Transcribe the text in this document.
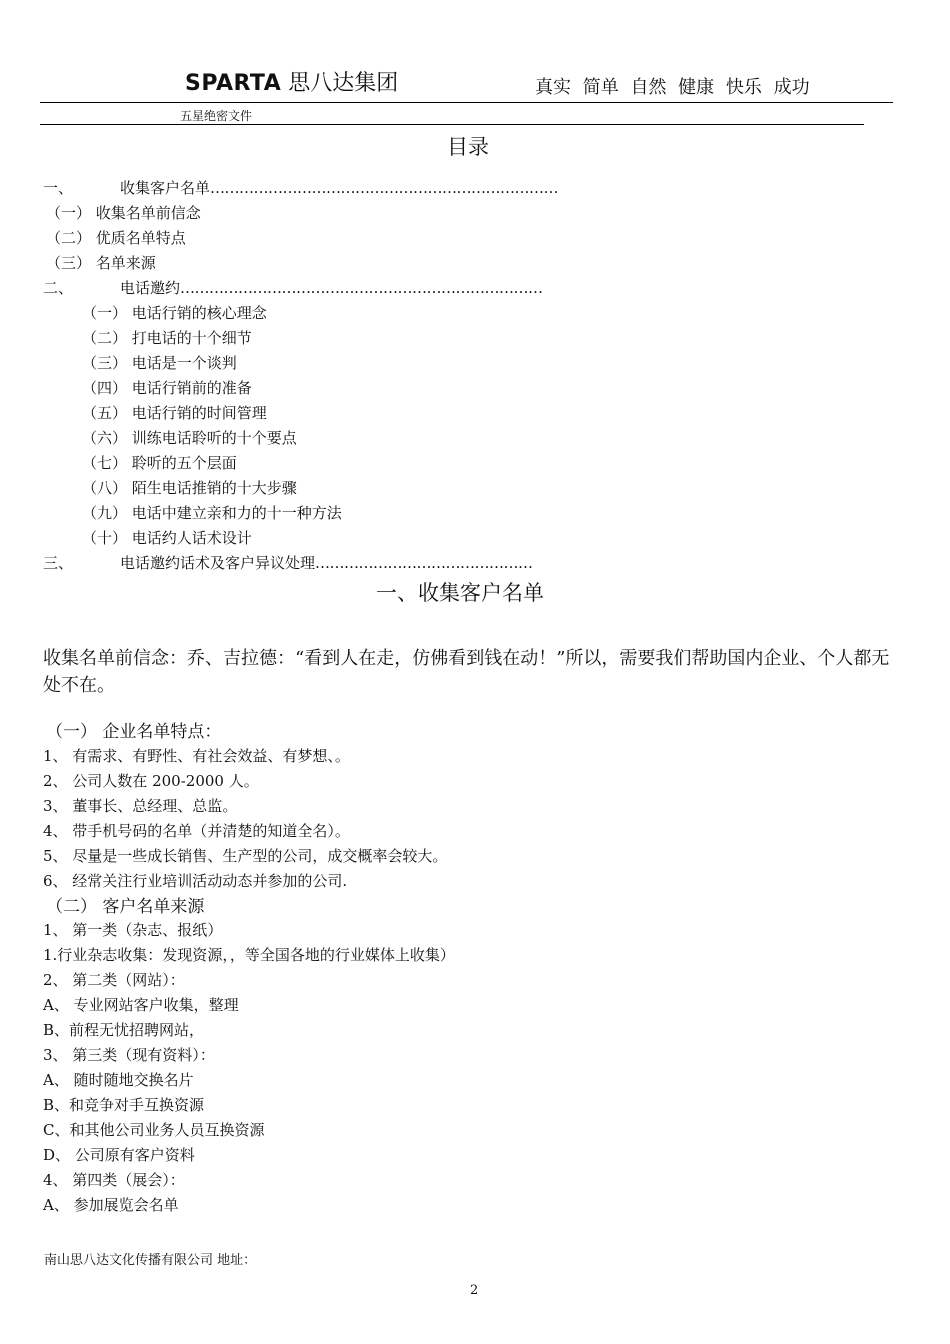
SPARTA 思八达集团	真实 简单 自然 健康 快乐 成功
五星绝密文件
目录
一、	收集客户名单………………………………………………………………
（一） 收集名单前信念
（二） 优质名单特点
（三） 名单来源
二、	电话邀约…………………………………………………………………
（一） 电话行销的核心理念
（二） 打电话的十个细节
（三） 电话是一个谈判
（四） 电话行销前的准备
（五） 电话行销的时间管理
（六） 训练电话聆听的十个要点
（七） 聆听的五个层面
（八） 陌生电话推销的十大步骤
（九） 电话中建立亲和力的十一种方法
（十） 电话约人话术设计
三、	电话邀约话术及客户异议处理………………………………………
一、收集客户名单
收集名单前信念：乔、吉拉德：“看到人在走，仿佛看到钱在动！”所以，需要我们帮助国内企业、个人都无处不在。
（一） 企业名单特点：
1、 有需求、有野性、有社会效益、有梦想、。
2、 公司人数在 200-2000 人。
3、 董事长、总经理、总监。
4、 带手机号码的名单（并清楚的知道全名）。
5、 尽量是一些成长销售、生产型的公司，成交概率会较大。
6、 经常关注行业培训活动动态并参加的公司.
（二） 客户名单来源
1、 第一类（杂志、报纸）
1.行业杂志收集：发现资源，，等全国各地的行业媒体上收集）
2、 第二类（网站）：
A、 专业网站客户收集，整理
B、前程无忧招聘网站，
3、 第三类（现有资料）：
A、 随时随地交换名片
B、和竞争对手互换资源
C、和其他公司业务人员互换资源
D、 公司原有客户资料
4、 第四类（展会）：
A、 参加展览会名单
南山思八达文化传播有限公司 地址：
2
